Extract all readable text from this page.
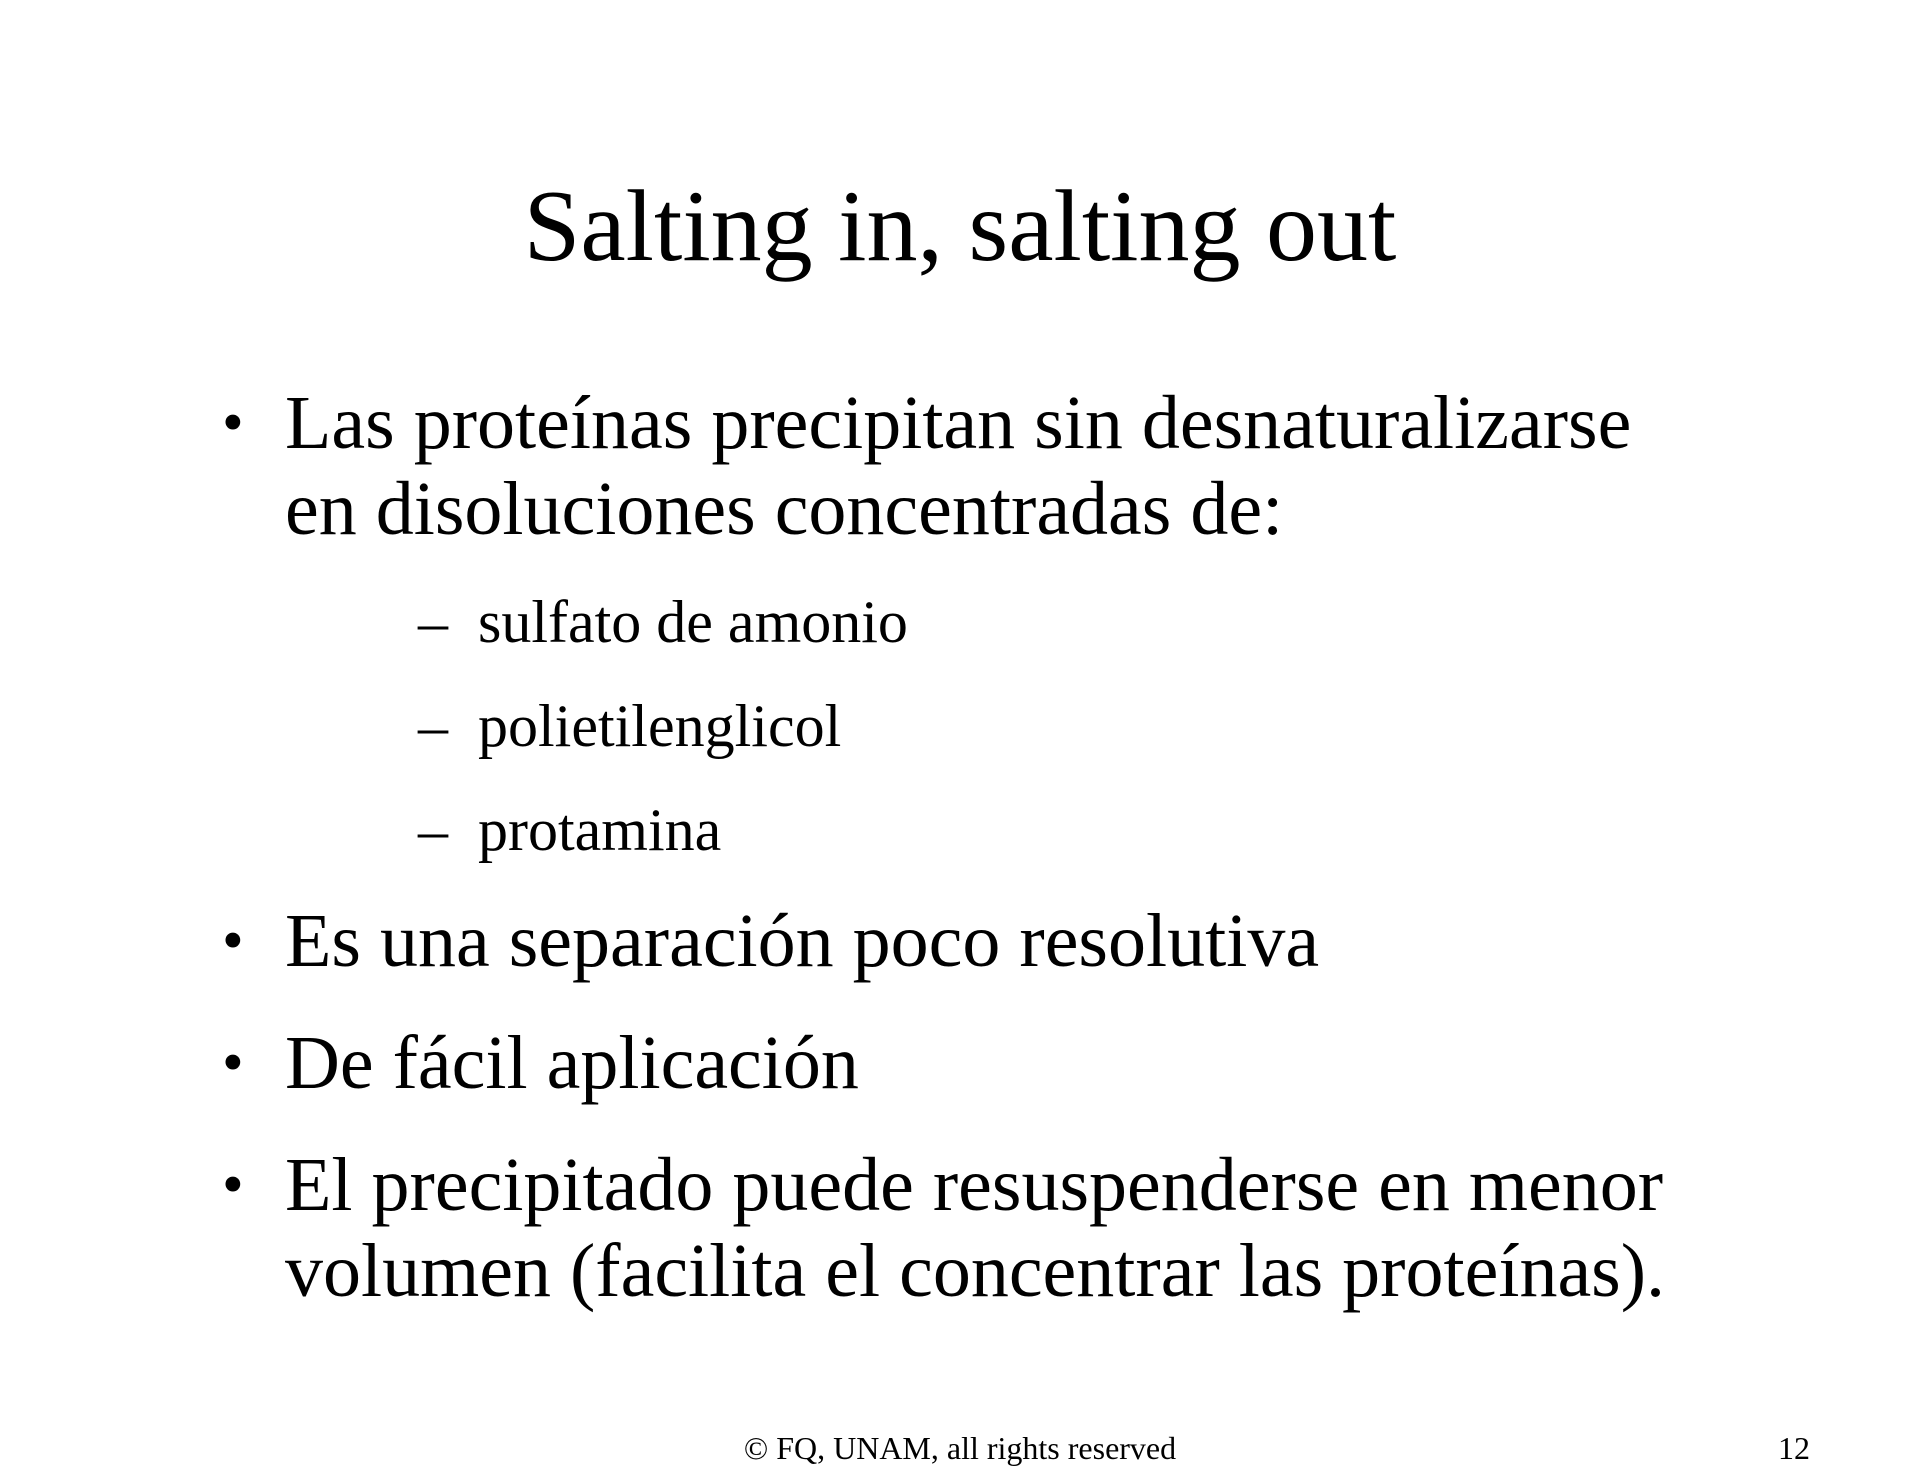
Salting in, salting out
• Las proteínas precipitan sin desnaturalizarse
en disoluciones concentradas de:
– sulfato de amonio
– polietilenglicol
– protamina
• Es una separación poco resolutiva
• De fácil aplicación
• El precipitado puede resuspenderse en menor
volumen (facilita el concentrar las proteínas).
© FQ, UNAM, all rights reserved	12
